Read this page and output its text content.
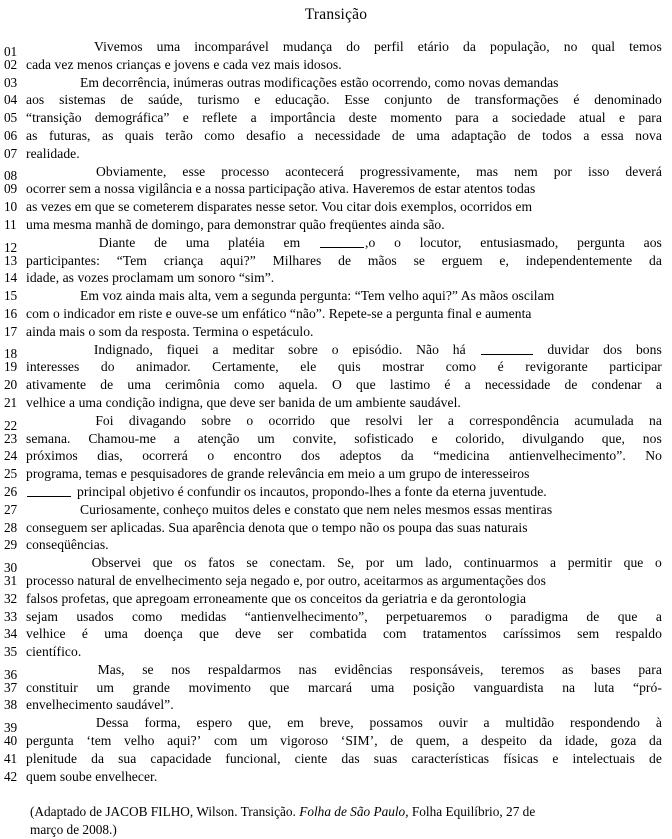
Transição
01	Vivemos uma incomparável mudança do perfil etário da população, no qual temos
02 cada vez menos crianças e jovens e cada vez mais idosos.
03	Em decorrência, inúmeras outras modificações estão ocorrendo, como novas demandas
04 aos sistemas de saúde, turismo e educação. Esse conjunto de transformações é denominado
05 “transição demográfica” e reflete a importância deste momento para a sociedade atual e para
06 as futuras, as quais terão como desafio a necessidade de uma adaptação de todos a essa nova
07 realidade.
08	Obviamente, esse processo acontecerá progressivamente, mas nem por isso deverá
09 ocorrer sem a nossa vigilância e a nossa participação ativa. Haveremos de estar atentos todas
10 as vezes em que se cometerem disparates nesse setor. Vou citar dois exemplos, ocorridos em
11 uma mesma manhã de domingo, para demonstrar quão freqüentes ainda são.
12	Diante de uma platéia em	,o o locutor, entusiasmado, pergunta aos
13 participantes: “Tem criança aqui?” Milhares de mãos se erguem e, independentemente da
14 idade, as vozes proclamam um sonoro “sim”.
15	Em voz ainda mais alta, vem a segunda pergunta: “Tem velho aqui?” As mãos oscilam
16 com o indicador em riste e ouve-se um enfático “não”. Repete-se a pergunta final e aumenta
17 ainda mais o som da resposta. Termina o espetáculo.
18	Indignado, fiquei a meditar sobre o episódio. Não há	duvidar dos bons
19 interesses do animador. Certamente, ele quis mostrar como é revigorante participar
20 ativamente de uma cerimônia como aquela. O que lastimo é a necessidade de condenar a
21 velhice a uma condição indigna, que deve ser banida de um ambiente saudável.
22	Foi divagando sobre o ocorrido que resolvi ler a correspondência acumulada na
23 semana. Chamou-me a atenção um convite, sofisticado e colorido, divulgando que, nos
24 próximos dias, ocorrerá o encontro dos adeptos da “medicina antienvelhecimento”. No
25 programa, temas e pesquisadores de grande relevância em meio a um grupo de interesseiros
26	principal objetivo é confundir os incautos, propondo-lhes a fonte da eterna juventude.
27	Curiosamente, conheço muitos deles e constato que nem neles mesmos essas mentiras
28 conseguem ser aplicadas. Sua aparência denota que o tempo não os poupa das suas naturais
29 conseqüências.
30	Observei que os fatos se conectam. Se, por um lado, continuarmos a permitir que o
31 processo natural de envelhecimento seja negado e, por outro, aceitarmos as argumentações dos
32 falsos profetas, que apregoam erroneamente que os conceitos da geriatria e da gerontologia
33 sejam usados como medidas “antienvelhecimento”, perpetuaremos o paradigma de que a
34 velhice é uma doença que deve ser combatida com tratamentos caríssimos sem respaldo
35 científico.
36	Mas, se nos respaldarmos nas evidências responsáveis, teremos as bases para
37 constituir um grande movimento que marcará uma posição vanguardista na luta “pró-
38 envelhecimento saudável”.
39	Dessa forma, espero que, em breve, possamos ouvir a multidão respondendo à
40 pergunta ‘tem velho aqui?’ com um vigoroso ‘SIM’, de quem, a despeito da idade, goza da
41 plenitude da sua capacidade funcional, ciente das suas características físicas e intelectuais de
42 quem soube envelhecer.
(Adaptado de JACOB FILHO, Wilson. Transição. Folha de São Paulo, Folha Equilíbrio, 27 de
março de 2008.)
